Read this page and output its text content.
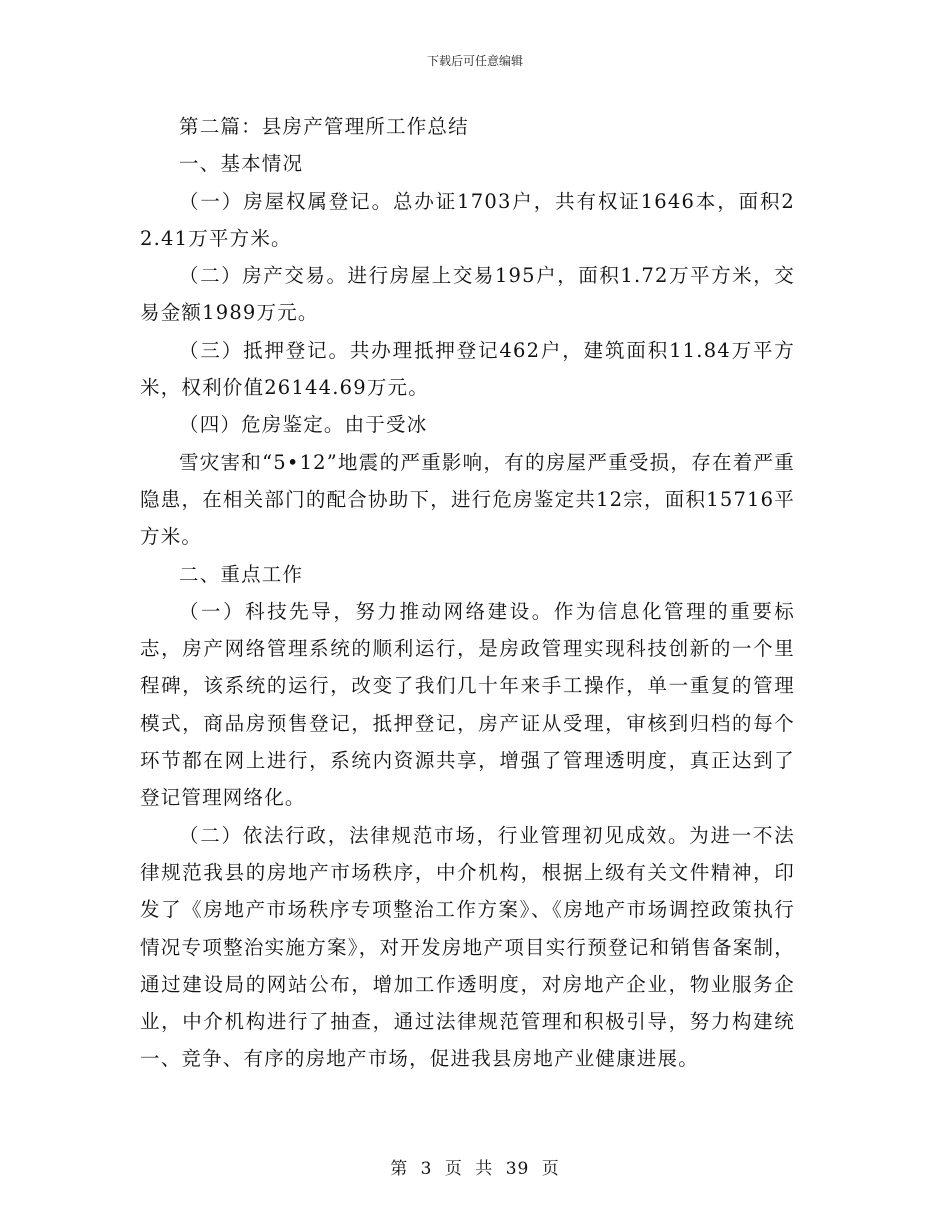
下载后可任意编辑

第二篇：县房产管理所工作总结

一、基本情况

（一）房屋权属登记。总办证1703户，共有权证1646本，面积22.41万平方米。

（二）房产交易。进行房屋上交易195户，面积1.72万平方米，交易金额1989万元。

（三）抵押登记。共办理抵押登记462户，建筑面积11.84万平方米，权利价值26144.69万元。

（四）危房鉴定。由于受冰

雪灾害和“5•12”地震的严重影响，有的房屋严重受损，存在着严重隐患，在相关部门的配合协助下，进行危房鉴定共12宗，面积15716平方米。

二、重点工作

（一）科技先导，努力推动网络建设。作为信息化管理的重要标志，房产网络管理系统的顺利运行，是房政管理实现科技创新的一个里程碑，该系统的运行，改变了我们几十年来手工操作，单一重复的管理模式，商品房预售登记，抵押登记，房产证从受理，审核到归档的每个环节都在网上进行，系统内资源共享，增强了管理透明度，真正达到了登记管理网络化。

（二）依法行政，法律规范市场，行业管理初见成效。为进一不法律规范我县的房地产市场秩序，中介机构，根据上级有关文件精神，印发了《房地产市场秩序专项整治工作方案》、《房地产市场调控政策执行情况专项整治实施方案》，对开发房地产项目实行预登记和销售备案制，通过建设局的网站公布，增加工作透明度，对房地产企业，物业服务企业，中介机构进行了抽查，通过法律规范管理和积极引导，努力构建统一、竞争、有序的房地产市场，促进我县房地产业健康进展。

第 3 页 共 39 页
